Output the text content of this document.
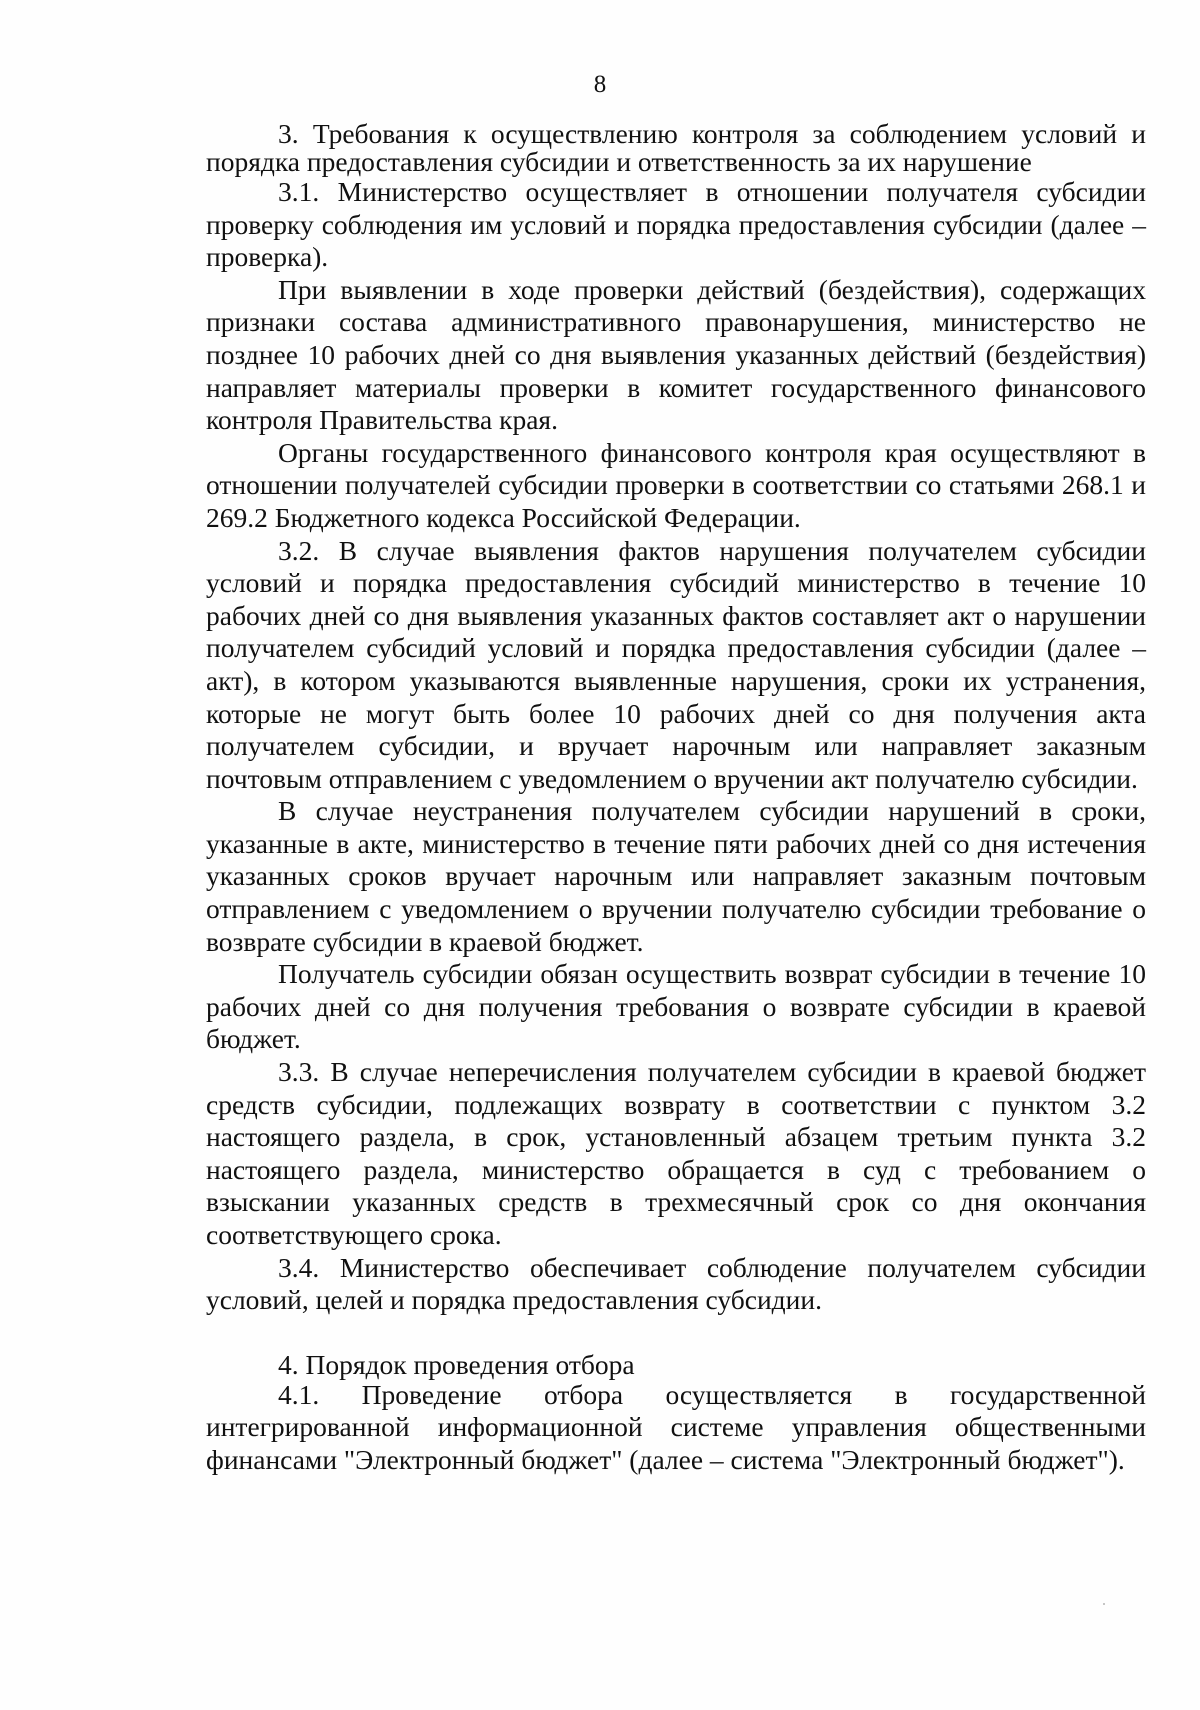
8

3. Требования к осуществлению контроля за соблюдением условий и порядка предоставления субсидии и ответственность за их нарушение

3.1. Министерство осуществляет в отношении получателя субсидии проверку соблюдения им условий и порядка предоставления субсидии (далее – проверка).

При выявлении в ходе проверки действий (бездействия), содержащих признаки состава административного правонарушения, министерство не позднее 10 рабочих дней со дня выявления указанных действий (бездействия) направляет материалы проверки в комитет государственного финансового контроля Правительства края.

Органы государственного финансового контроля края осуществляют в отношении получателей субсидии проверки в соответствии со статьями 268.1 и 269.2 Бюджетного кодекса Российской Федерации.

3.2. В случае выявления фактов нарушения получателем субсидии условий и порядка предоставления субсидий министерство в течение 10 рабочих дней со дня выявления указанных фактов составляет акт о нарушении получателем субсидий условий и порядка предоставления субсидии (далее – акт), в котором указываются выявленные нарушения, сроки их устранения, которые не могут быть более 10 рабочих дней со дня получения акта получателем субсидии, и вручает нарочным или направляет заказным почтовым отправлением с уведомлением о вручении акт получателю субсидии.

В случае неустранения получателем субсидии нарушений в сроки, указанные в акте, министерство в течение пяти рабочих дней со дня истечения указанных сроков вручает нарочным или направляет заказным почтовым отправлением с уведомлением о вручении получателю субсидии требование о возврате субсидии в краевой бюджет.

Получатель субсидии обязан осуществить возврат субсидии в течение 10 рабочих дней со дня получения требования о возврате субсидии в краевой бюджет.

3.3. В случае неперечисления получателем субсидии в краевой бюджет средств субсидии, подлежащих возврату в соответствии с пунктом 3.2 настоящего раздела, в срок, установленный абзацем третьим пункта 3.2 настоящего раздела, министерство обращается в суд с требованием о взыскании указанных средств в трехмесячный срок со дня окончания соответствующего срока.

3.4. Министерство обеспечивает соблюдение получателем субсидии условий, целей и порядка предоставления субсидии.

4. Порядок проведения отбора

4.1. Проведение отбора осуществляется в государственной интегрированной информационной системе управления общественными финансами "Электронный бюджет" (далее – система "Электронный бюджет").
